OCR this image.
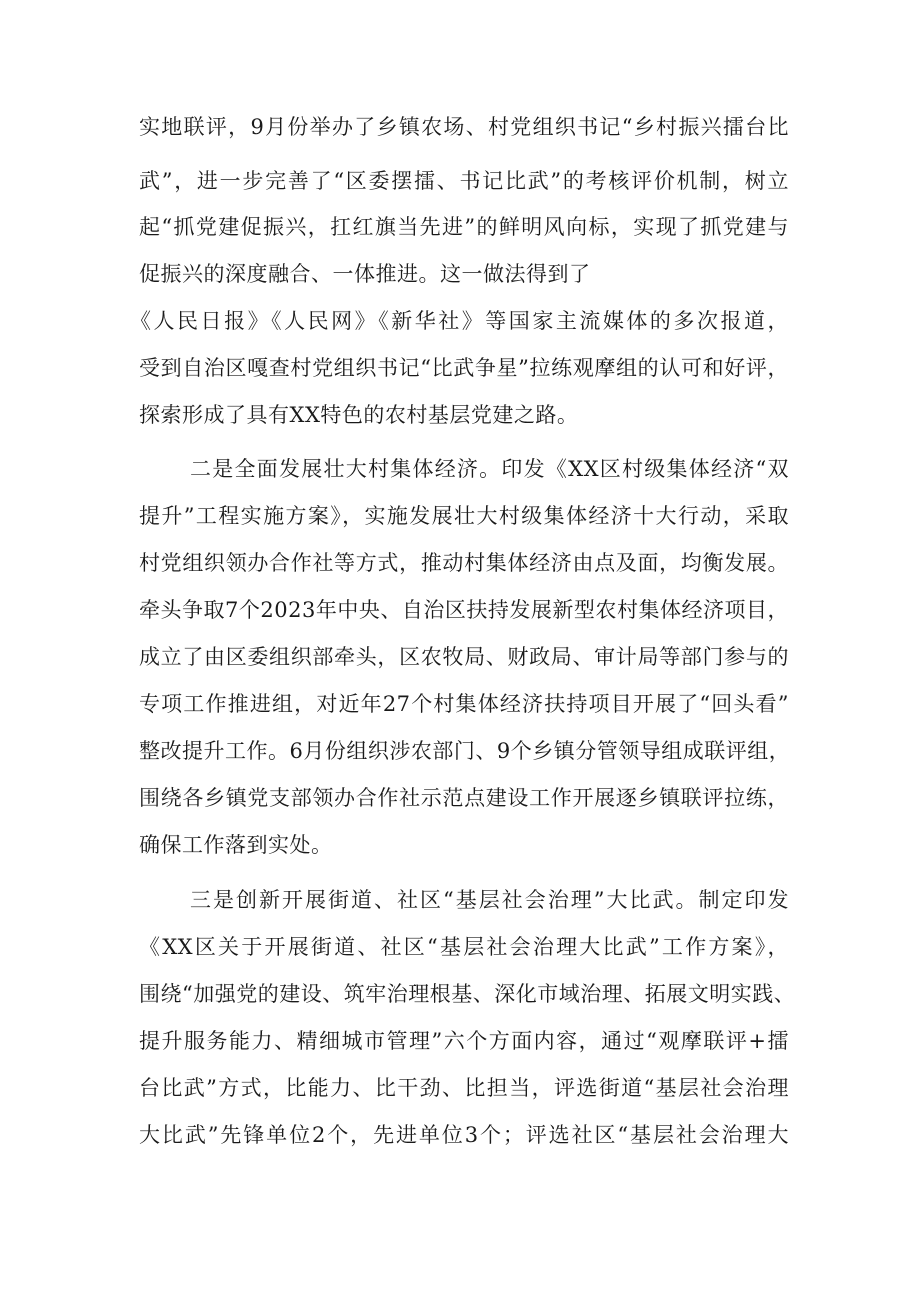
实地联评，9月份举办了乡镇农场、村党组织书记“乡村振兴擂台比
武”，进一步完善了“区委摆擂、书记比武”的考核评价机制，树立
起“抓党建促振兴，扛红旗当先进”的鲜明风向标，实现了抓党建与
促振兴的深度融合、一体推进。这一做法得到了
《人民日报》《人民网》《新华社》等国家主流媒体的多次报道，
受到自治区嘎查村党组织书记“比武争星”拉练观摩组的认可和好评，
探索形成了具有XX特色的农村基层党建之路。
二是全面发展壮大村集体经济。印发《XX区村级集体经济“双
提升”工程实施方案》，实施发展壮大村级集体经济十大行动，采取
村党组织领办合作社等方式，推动村集体经济由点及面，均衡发展。
牵头争取7个2023年中央、自治区扶持发展新型农村集体经济项目，
成立了由区委组织部牵头，区农牧局、财政局、审计局等部门参与的
专项工作推进组，对近年27个村集体经济扶持项目开展了“回头看”
整改提升工作。6月份组织涉农部门、9个乡镇分管领导组成联评组，
围绕各乡镇党支部领办合作社示范点建设工作开展逐乡镇联评拉练，
确保工作落到实处。
三是创新开展街道、社区“基层社会治理”大比武。制定印发
《XX区关于开展街道、社区“基层社会治理大比武”工作方案》，
围绕“加强党的建设、筑牢治理根基、深化市域治理、拓展文明实践、
提升服务能力、精细城市管理”六个方面内容，通过“观摩联评+擂
台比武”方式，比能力、比干劲、比担当，评选街道“基层社会治理
大比武”先锋单位2个，先进单位3个；评选社区“基层社会治理大
